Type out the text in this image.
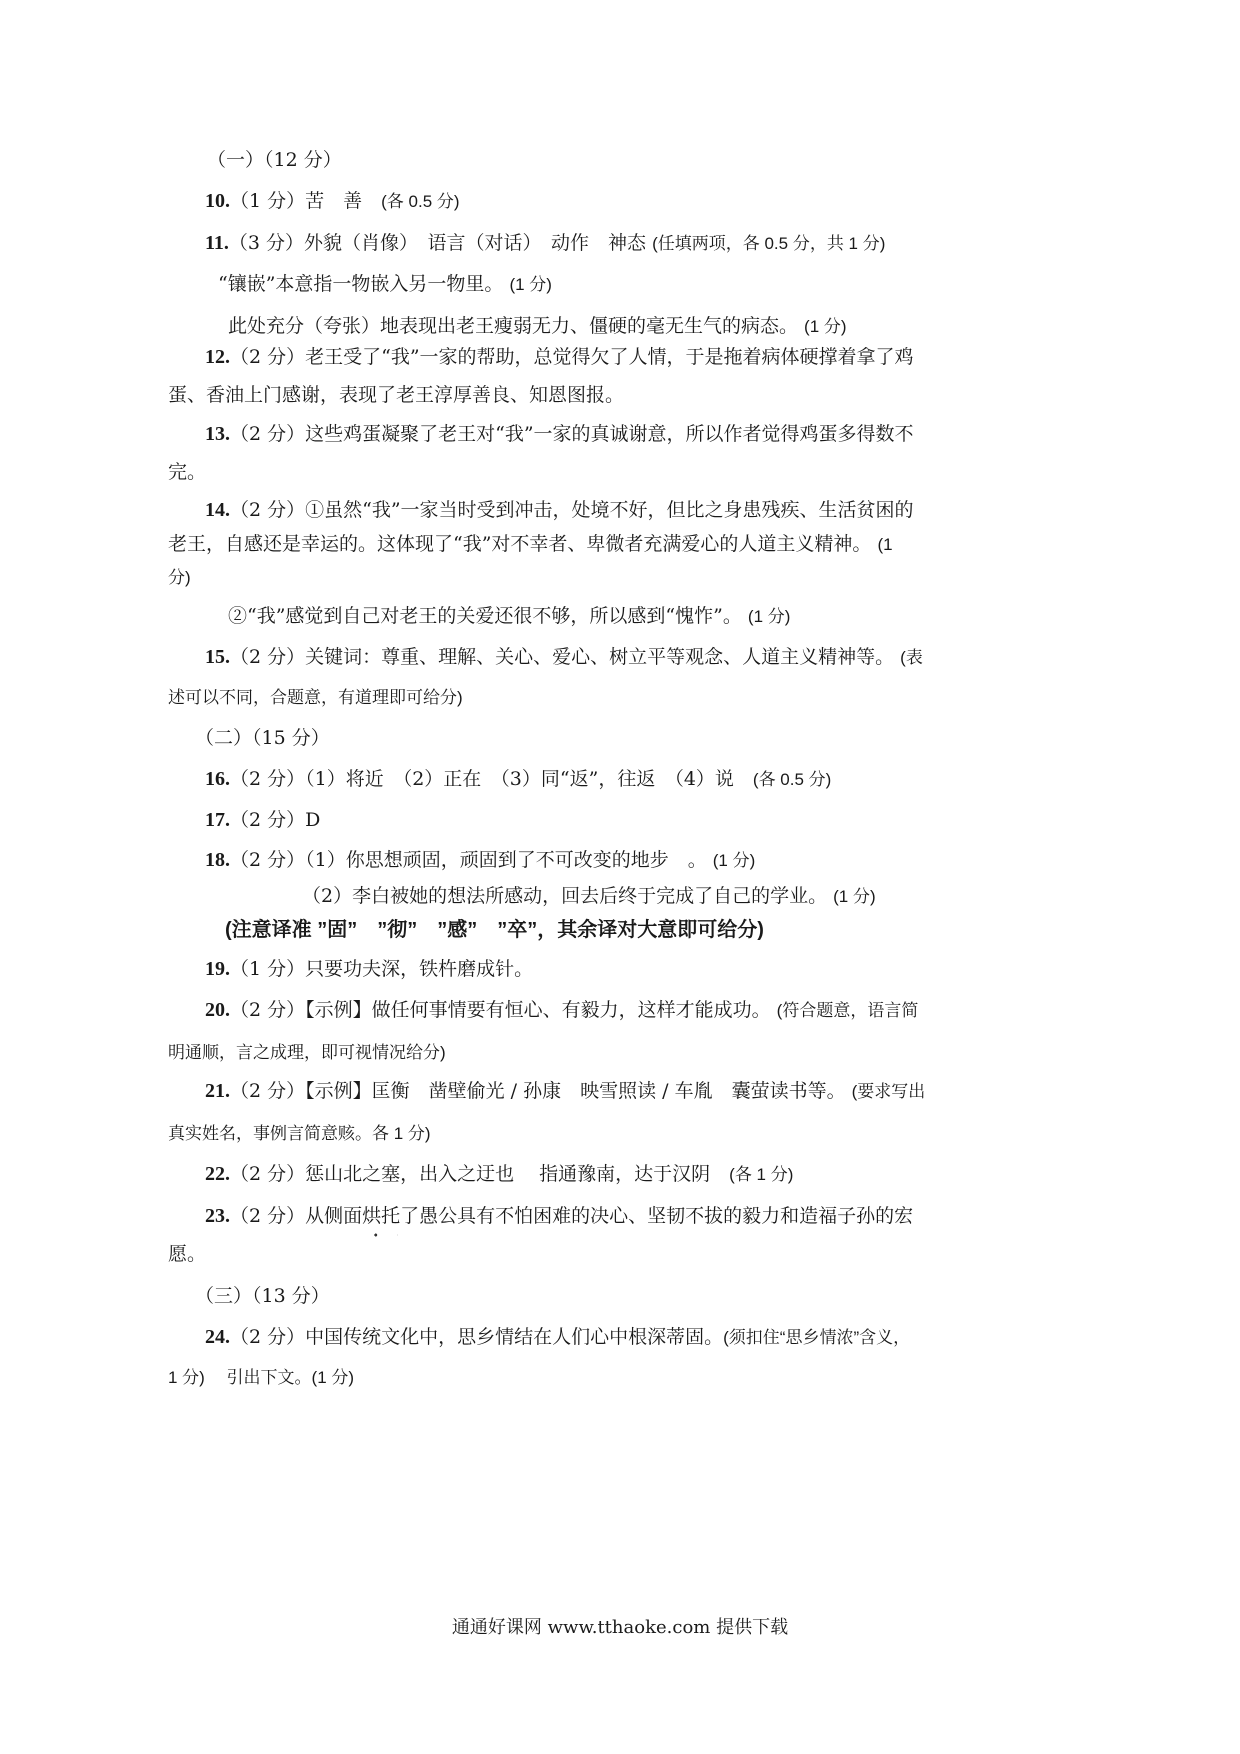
（一）（12 分）

10.（1 分）苦　善　(各 0.5 分)

11.（3 分）外貌（肖像）　语言（对话）　动作　神态 (任填两项，各 0.5 分，共 1 分)

“镶嵌”本意指一物嵌入另一物里。 (1 分)

此处充分（夸张）地表现出老王瘦弱无力、僵硬的毫无生气的病态。 (1 分)

12.（2 分）老王受了“我”一家的帮助，总觉得欠了人情，于是拖着病体硬撑着拿了鸡

蛋、香油上门感谢，表现了老王淳厚善良、知恩图报。

13.（2 分）这些鸡蛋凝聚了老王对“我”一家的真诚谢意，所以作者觉得鸡蛋多得数不

完。

14.（2 分）①虽然“我”一家当时受到冲击，处境不好，但比之身患残疾、生活贫困的

老王，自感还是幸运的。这体现了“我”对不幸者、卑微者充满爱心的人道主义精神。 (1

分)

②“我”感觉到自己对老王的关爱还很不够，所以感到“愧怍”。 (1 分)

15.（2 分）关键词：尊重、理解、关心、爱心、树立平等观念、人道主义精神等。 (表

述可以不同，合题意，有道理即可给分)

（二）（15 分）

16.（2 分）（1）将近　（2）正在　（3）同“返”，往返　（4）说　(各 0.5 分)

17.（2 分）D

18.（2 分）（1）你思想顽固，顽固到了不可改变的地步　。 (1 分)

（2）李白被她的想法所感动，回去后终于完成了自己的学业。 (1 分)

(注意译准 ”固”　”彻”　”感”　”卒”，其余译对大意即可给分)

19.（1 分）只要功夫深，铁杵磨成针。

20.（2 分）【示例】做任何事情要有恒心、有毅力，这样才能成功。 (符合题意，语言简

明通顺，言之成理，即可视情况给分)

21.（2 分）【示例】匡衡　凿壁偷光 / 孙康　映雪照读 / 车胤　囊萤读书等。 (要求写出

真实姓名，事例言简意赅。各 1 分)

22.（2 分）惩山北之塞，出入之迂也　 指通豫南，达于汉阴　(各 1 分)

23.（2 分）从侧面烘托
了愚公具有不怕困难的决心、坚韧不拔的毅力和造福子孙的宏

愿。

（三）（13 分）

24.（2 分）中国传统文化中，思乡情结在人们心中根深蒂固。(须扣住“思乡情浓”含义，

1 分)　 引出下文。(1 分)

通通好课网 www.tthaoke.com 提供下载
